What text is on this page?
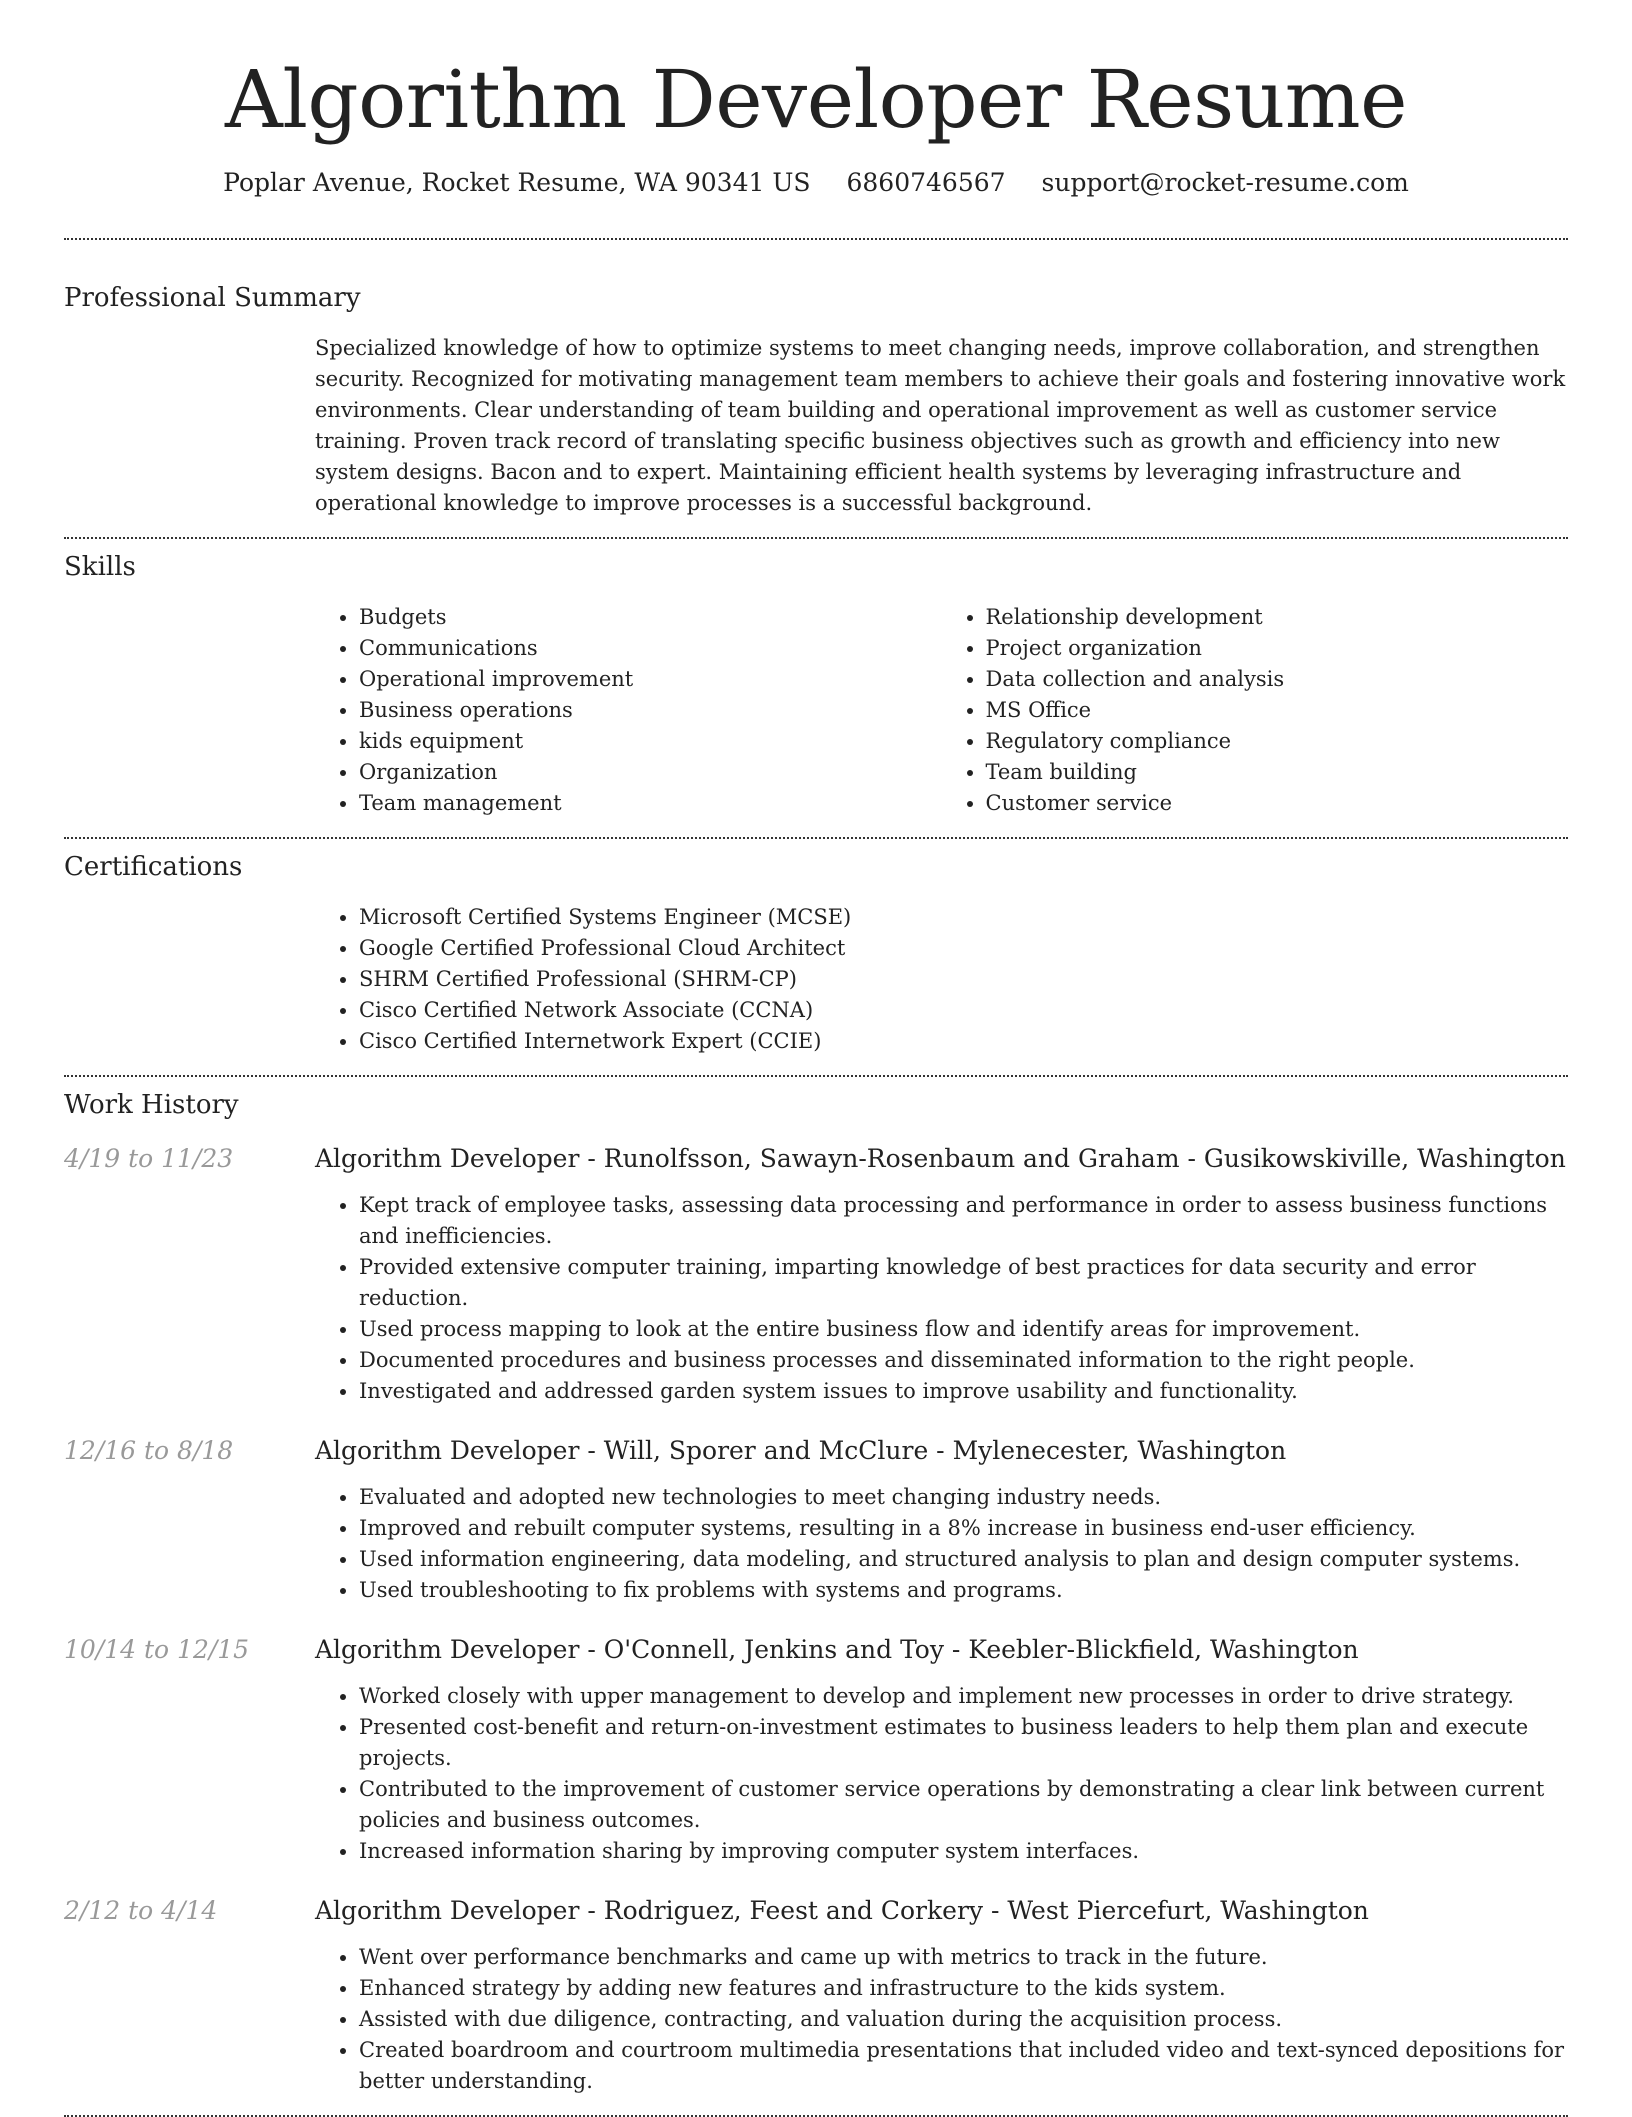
Algorithm Developer Resume
Poplar Avenue, Rocket Resume, WA 90341 US 6860746567 support@rocket-resume.com
Professional Summary

Specialized knowledge of how to optimize systems to meet changing needs, improve collaboration, and strengthen security. Recognized for motivating management team members to achieve their goals and fostering innovative work environments. Clear understanding of team building and operational improvement as well as customer service training. Proven track record of translating specific business objectives such as growth and efficiency into new system designs. Bacon and to expert. Maintaining efficient health systems by leveraging infrastructure and operational knowledge to improve processes is a successful background.

Skills
• Budgets
• Communications
• Operational improvement
• Business operations
• kids equipment
• Organization
• Team management
• Relationship development
• Project organization
• Data collection and analysis
• MS Office
• Regulatory compliance
• Team building
• Customer service
Certifications
• Microsoft Certified Systems Engineer (MCSE)
• Google Certified Professional Cloud Architect
• SHRM Certified Professional (SHRM-CP)
• Cisco Certified Network Associate (CCNA)
• Cisco Certified Internetwork Expert (CCIE)
Work History
4/19 to 11/23	Algorithm Developer - Runolfsson, Sawayn-Rosenbaum and Graham - Gusikowskiville, Washington
• Kept track of employee tasks, assessing data processing and performance in order to assess business functions and inefficiencies.
• Provided extensive computer training, imparting knowledge of best practices for data security and error reduction.
• Used process mapping to look at the entire business flow and identify areas for improvement.
• Documented procedures and business processes and disseminated information to the right people.
• Investigated and addressed garden system issues to improve usability and functionality.
12/16 to 8/18	Algorithm Developer - Will, Sporer and McClure - Mylenecester, Washington
• Evaluated and adopted new technologies to meet changing industry needs.
• Improved and rebuilt computer systems, resulting in a 8% increase in business end-user efficiency.
• Used information engineering, data modeling, and structured analysis to plan and design computer systems.
• Used troubleshooting to fix problems with systems and programs.
10/14 to 12/15	Algorithm Developer - O'Connell, Jenkins and Toy - Keebler-Blickfield, Washington
• Worked closely with upper management to develop and implement new processes in order to drive strategy.
• Presented cost-benefit and return-on-investment estimates to business leaders to help them plan and execute projects.
• Contributed to the improvement of customer service operations by demonstrating a clear link between current policies and business outcomes.
• Increased information sharing by improving computer system interfaces.
2/12 to 4/14	Algorithm Developer - Rodriguez, Feest and Corkery - West Piercefurt, Washington
• Went over performance benchmarks and came up with metrics to track in the future.
• Enhanced strategy by adding new features and infrastructure to the kids system.
• Assisted with due diligence, contracting, and valuation during the acquisition process.
• Created boardroom and courtroom multimedia presentations that included video and text-synced depositions for better understanding.
